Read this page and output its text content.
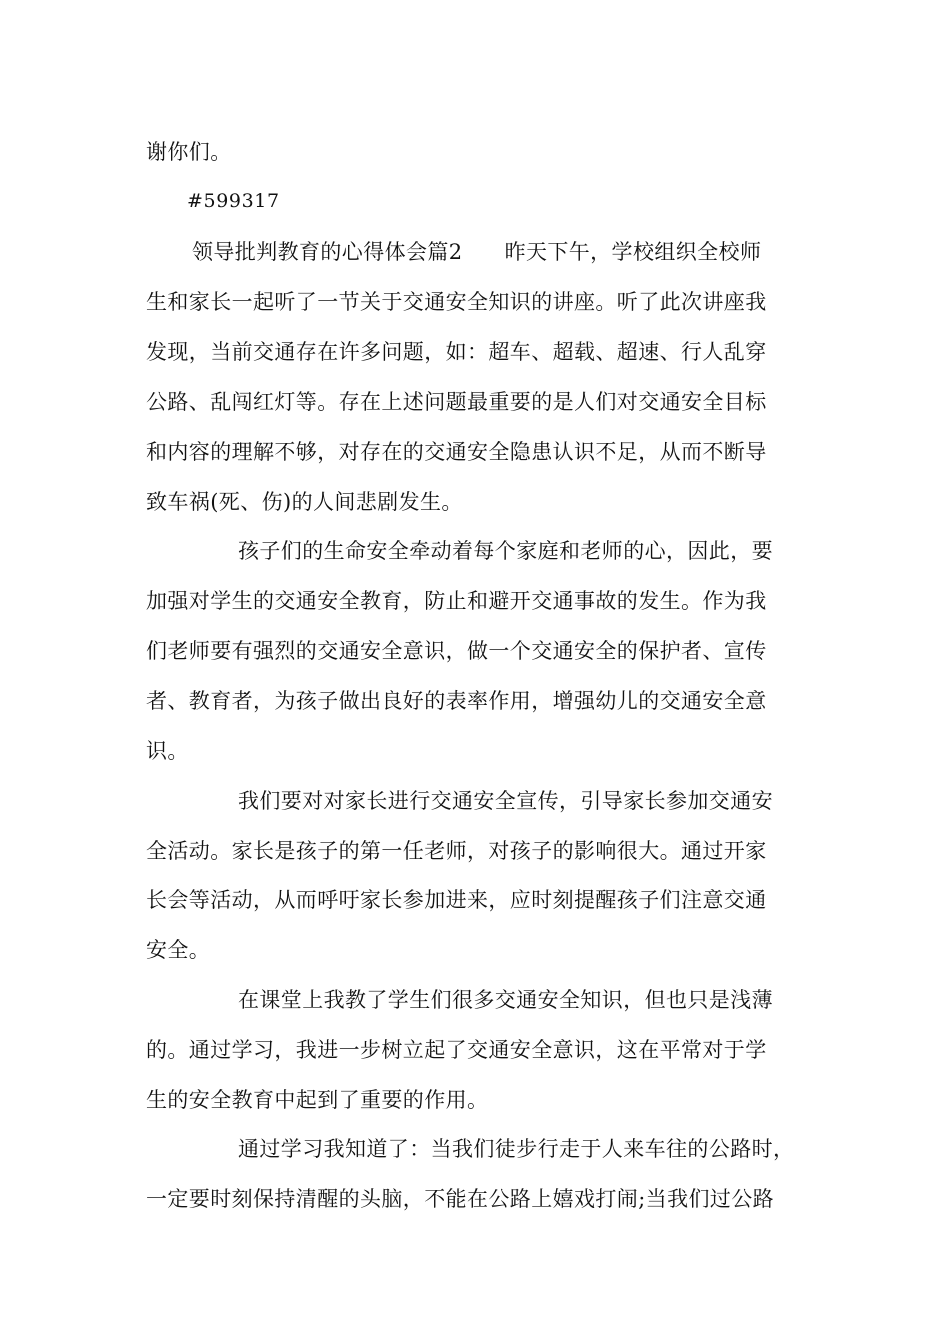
谢你们。
#599317
领导批判教育的心得体会篇2 昨天下午，学校组织全校师
生和家长一起听了一节关于交通安全知识的讲座。听了此次讲座我
发现，当前交通存在许多问题，如：超车、超载、超速、行人乱穿
公路、乱闯红灯等。存在上述问题最重要的是人们对交通安全目标
和内容的理解不够，对存在的交通安全隐患认识不足，从而不断导
致车祸(死、伤)的人间悲剧发生。
孩子们的生命安全牵动着每个家庭和老师的心，因此，要
加强对学生的交通安全教育，防止和避开交通事故的发生。作为我
们老师要有强烈的交通安全意识，做一个交通安全的保护者、宣传
者、教育者，为孩子做出良好的表率作用，增强幼儿的交通安全意
识。
我们要对对家长进行交通安全宣传，引导家长参加交通安
全活动。家长是孩子的第一任老师，对孩子的影响很大。通过开家
长会等活动，从而呼吁家长参加进来，应时刻提醒孩子们注意交通
安全。
在课堂上我教了学生们很多交通安全知识，但也只是浅薄
的。通过学习，我进一步树立起了交通安全意识，这在平常对于学
生的安全教育中起到了重要的作用。
通过学习我知道了：当我们徒步行走于人来车往的公路时，
一定要时刻保持清醒的头脑，不能在公路上嬉戏打闹;当我们过公路
